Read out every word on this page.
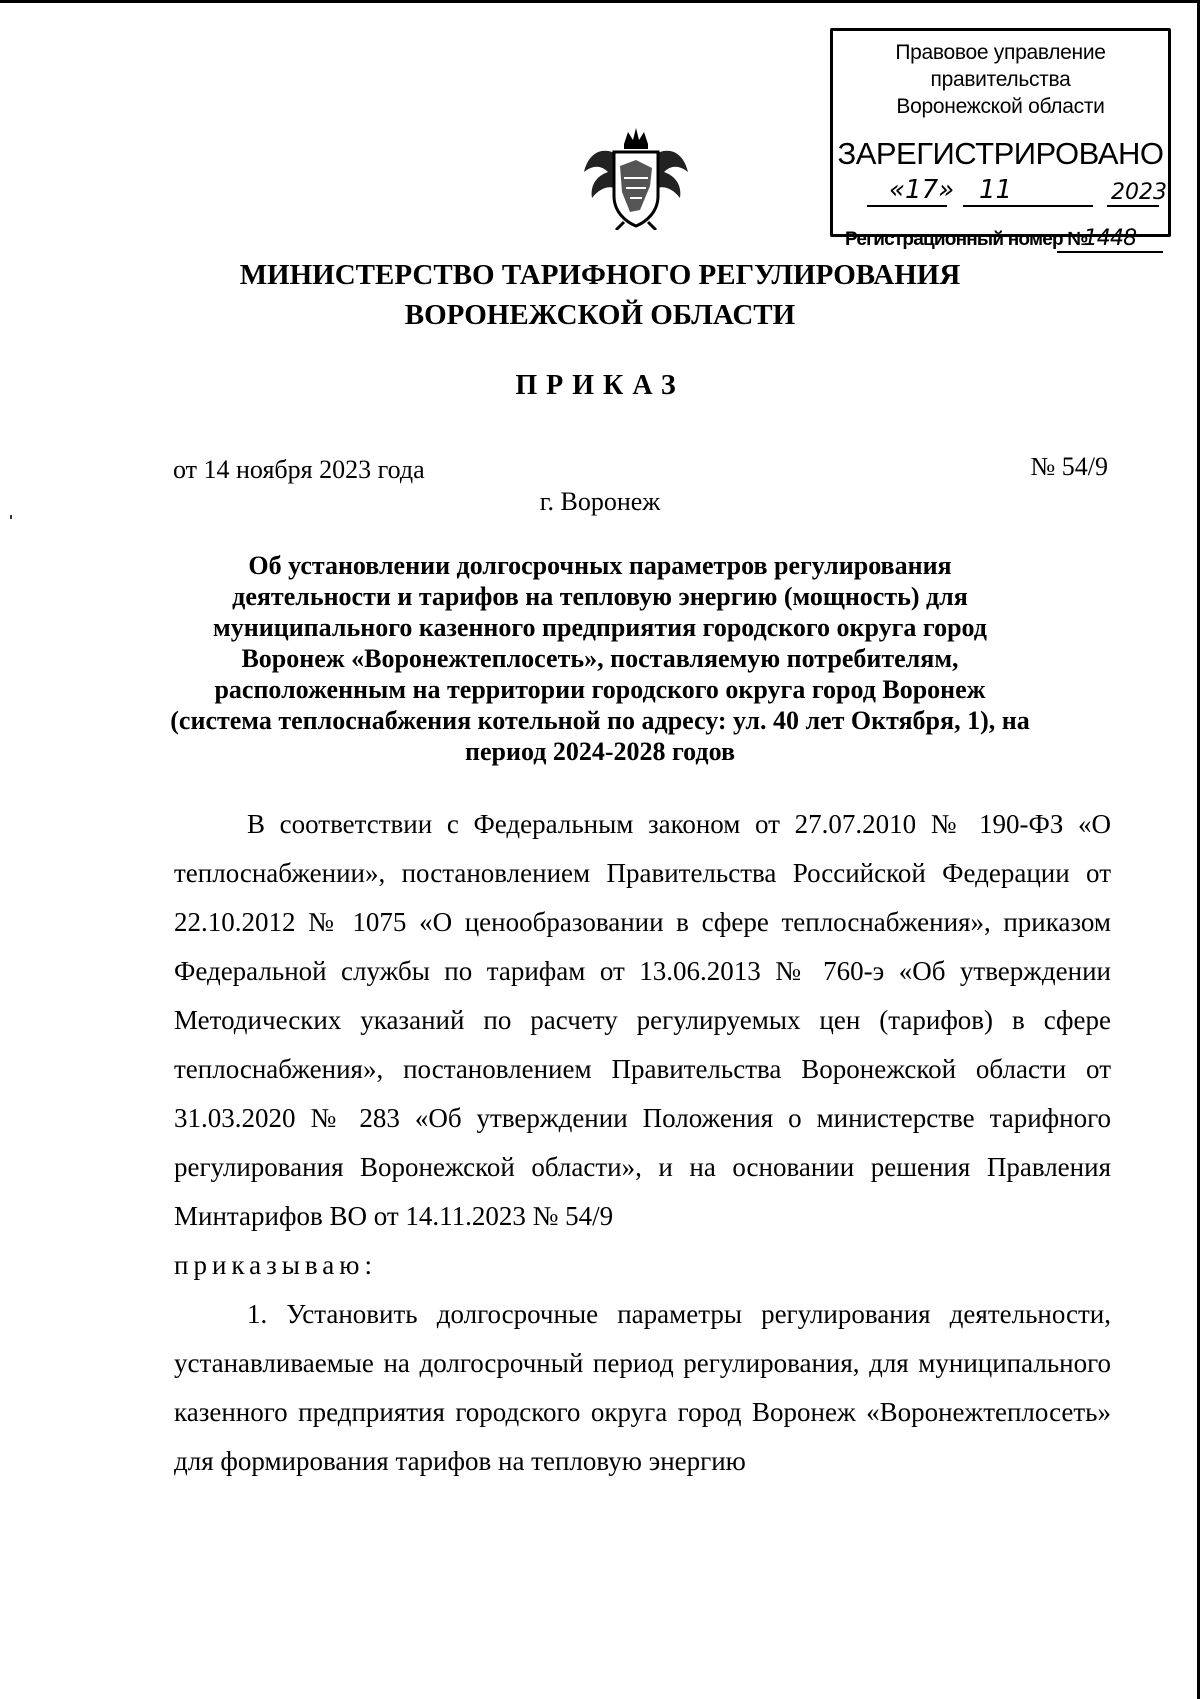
Правовое управление правительства
Воронежской области
ЗАРЕГИСТРИРОВАНО
«17» 11	2023
Регистрационный номер №
1448
МИНИСТЕРСТВО ТАРИФНОГО РЕГУЛИРОВАНИЯ
ВОРОНЕЖСКОЙ ОБЛАСТИ
ПРИКАЗ
от 14 ноября 2023 года	№ 54/9
г. Воронеж
Об установлении долгосрочных параметров регулирования
деятельности и тарифов на тепловую энергию (мощность) для
муниципального казенного предприятия городского округа город
Воронеж «Воронежтеплосеть», поставляемую потребителям,
расположенным на территории городского округа город Воронеж
(система теплоснабжения котельной по адресу: ул. 40 лет Октября, 1), на
период 2024-2028 годов

В соответствии с Федеральным законом от 27.07.2010 № 190-ФЗ «О теплоснабжении», постановлением Правительства Российской Федерации от 22.10.2012 № 1075 «О ценообразовании в сфере теплоснабжения», приказом Федеральной службы по тарифам от 13.06.2013 № 760-э «Об утверждении Методических указаний по расчету регулируемых цен (тарифов) в сфере теплоснабжения», постановлением Правительства Воронежской области от 31.03.2020 № 283 «Об утверждении Положения о министерстве тарифного регулирования Воронежской области», и на основании решения Правления Минтарифов ВО от 14.11.2023 № 54/9

приказываю:

1. Установить долгосрочные параметры регулирования деятельности, устанавливаемые на долгосрочный период регулирования, для муниципального казенного предприятия городского округа город Воронеж «Воронежтеплосеть» для формирования тарифов на тепловую энергию
